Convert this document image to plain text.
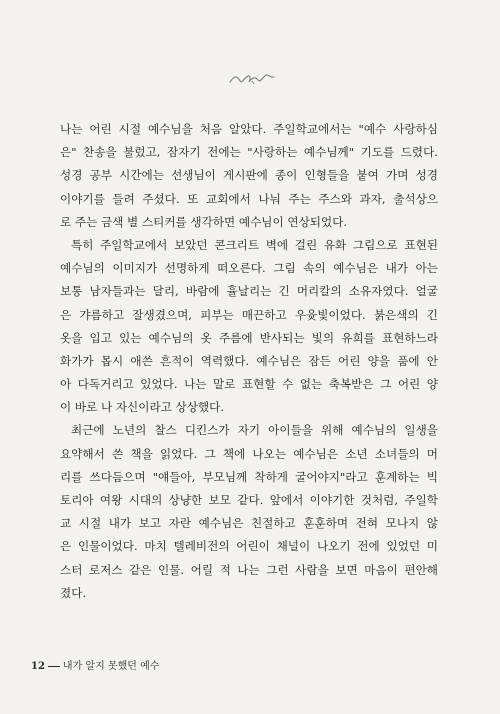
나는 어린 시절 예수님을 처음 알았다. 주일학교에서는 "예수 사랑하심
은" 찬송을 불렀고, 잠자기 전에는 "사랑하는 예수님께" 기도를 드렸다.
성경 공부 시간에는 선생님이 게시판에 종이 인형들을 붙여 가며 성경
이야기를 들려 주셨다. 또 교회에서 나눠 주는 주스와 과자, 출석상으
로 주는 금색 별 스티커를 생각하면 예수님이 연상되었다.

특히 주일학교에서 보았던 콘크리트 벽에 걸린 유화 그림으로 표현된
예수님의 이미지가 선명하게 떠오른다. 그림 속의 예수님은 내가 아는
보통 남자들과는 달리, 바람에 휼날리는 긴 머리칼의 소유자였다. 얼굴
은 갸름하고 잘생겼으며, 피부는 매끈하고 우윳빛이었다. 붉은색의 긴
옷을 입고 있는 예수님의 옷 주름에 반사되는 빛의 유희를 표현하느라
화가가 몹시 애쓴 흔적이 역력했다. 예수님은 잠든 어린 양을 품에 안
아 다독거리고 있었다. 나는 말로 표현할 수 없는 축복받은 그 어린 양
이 바로 나 자신이라고 상상했다.

최근에 노년의 찰스 디킨스가 자기 아이들을 위해 예수님의 일생을
요약해서 쓴 책을 읽었다. 그 책에 나오는 예수님은 소년 소녀들의 머
리를 쓰다듬으며 "얘들아, 부모님께 착하게 굴어야지"라고 훈계하는 빅
토리아 여왕 시대의 상냥한 보모 같다. 앞에서 이야기한 것처럼, 주일학
교 시절 내가 보고 자란 예수님은 친절하고 훈훈하며 전혀 모나지 않
은 인물이었다. 마치 텔레비전의 어린이 채널이 나오기 전에 있었던 미
스터 로저스 같은 인물. 어릴 적 나는 그런 사람을 보면 마음이 편안해
졌다.

12 내가 알지 못했던 예수
